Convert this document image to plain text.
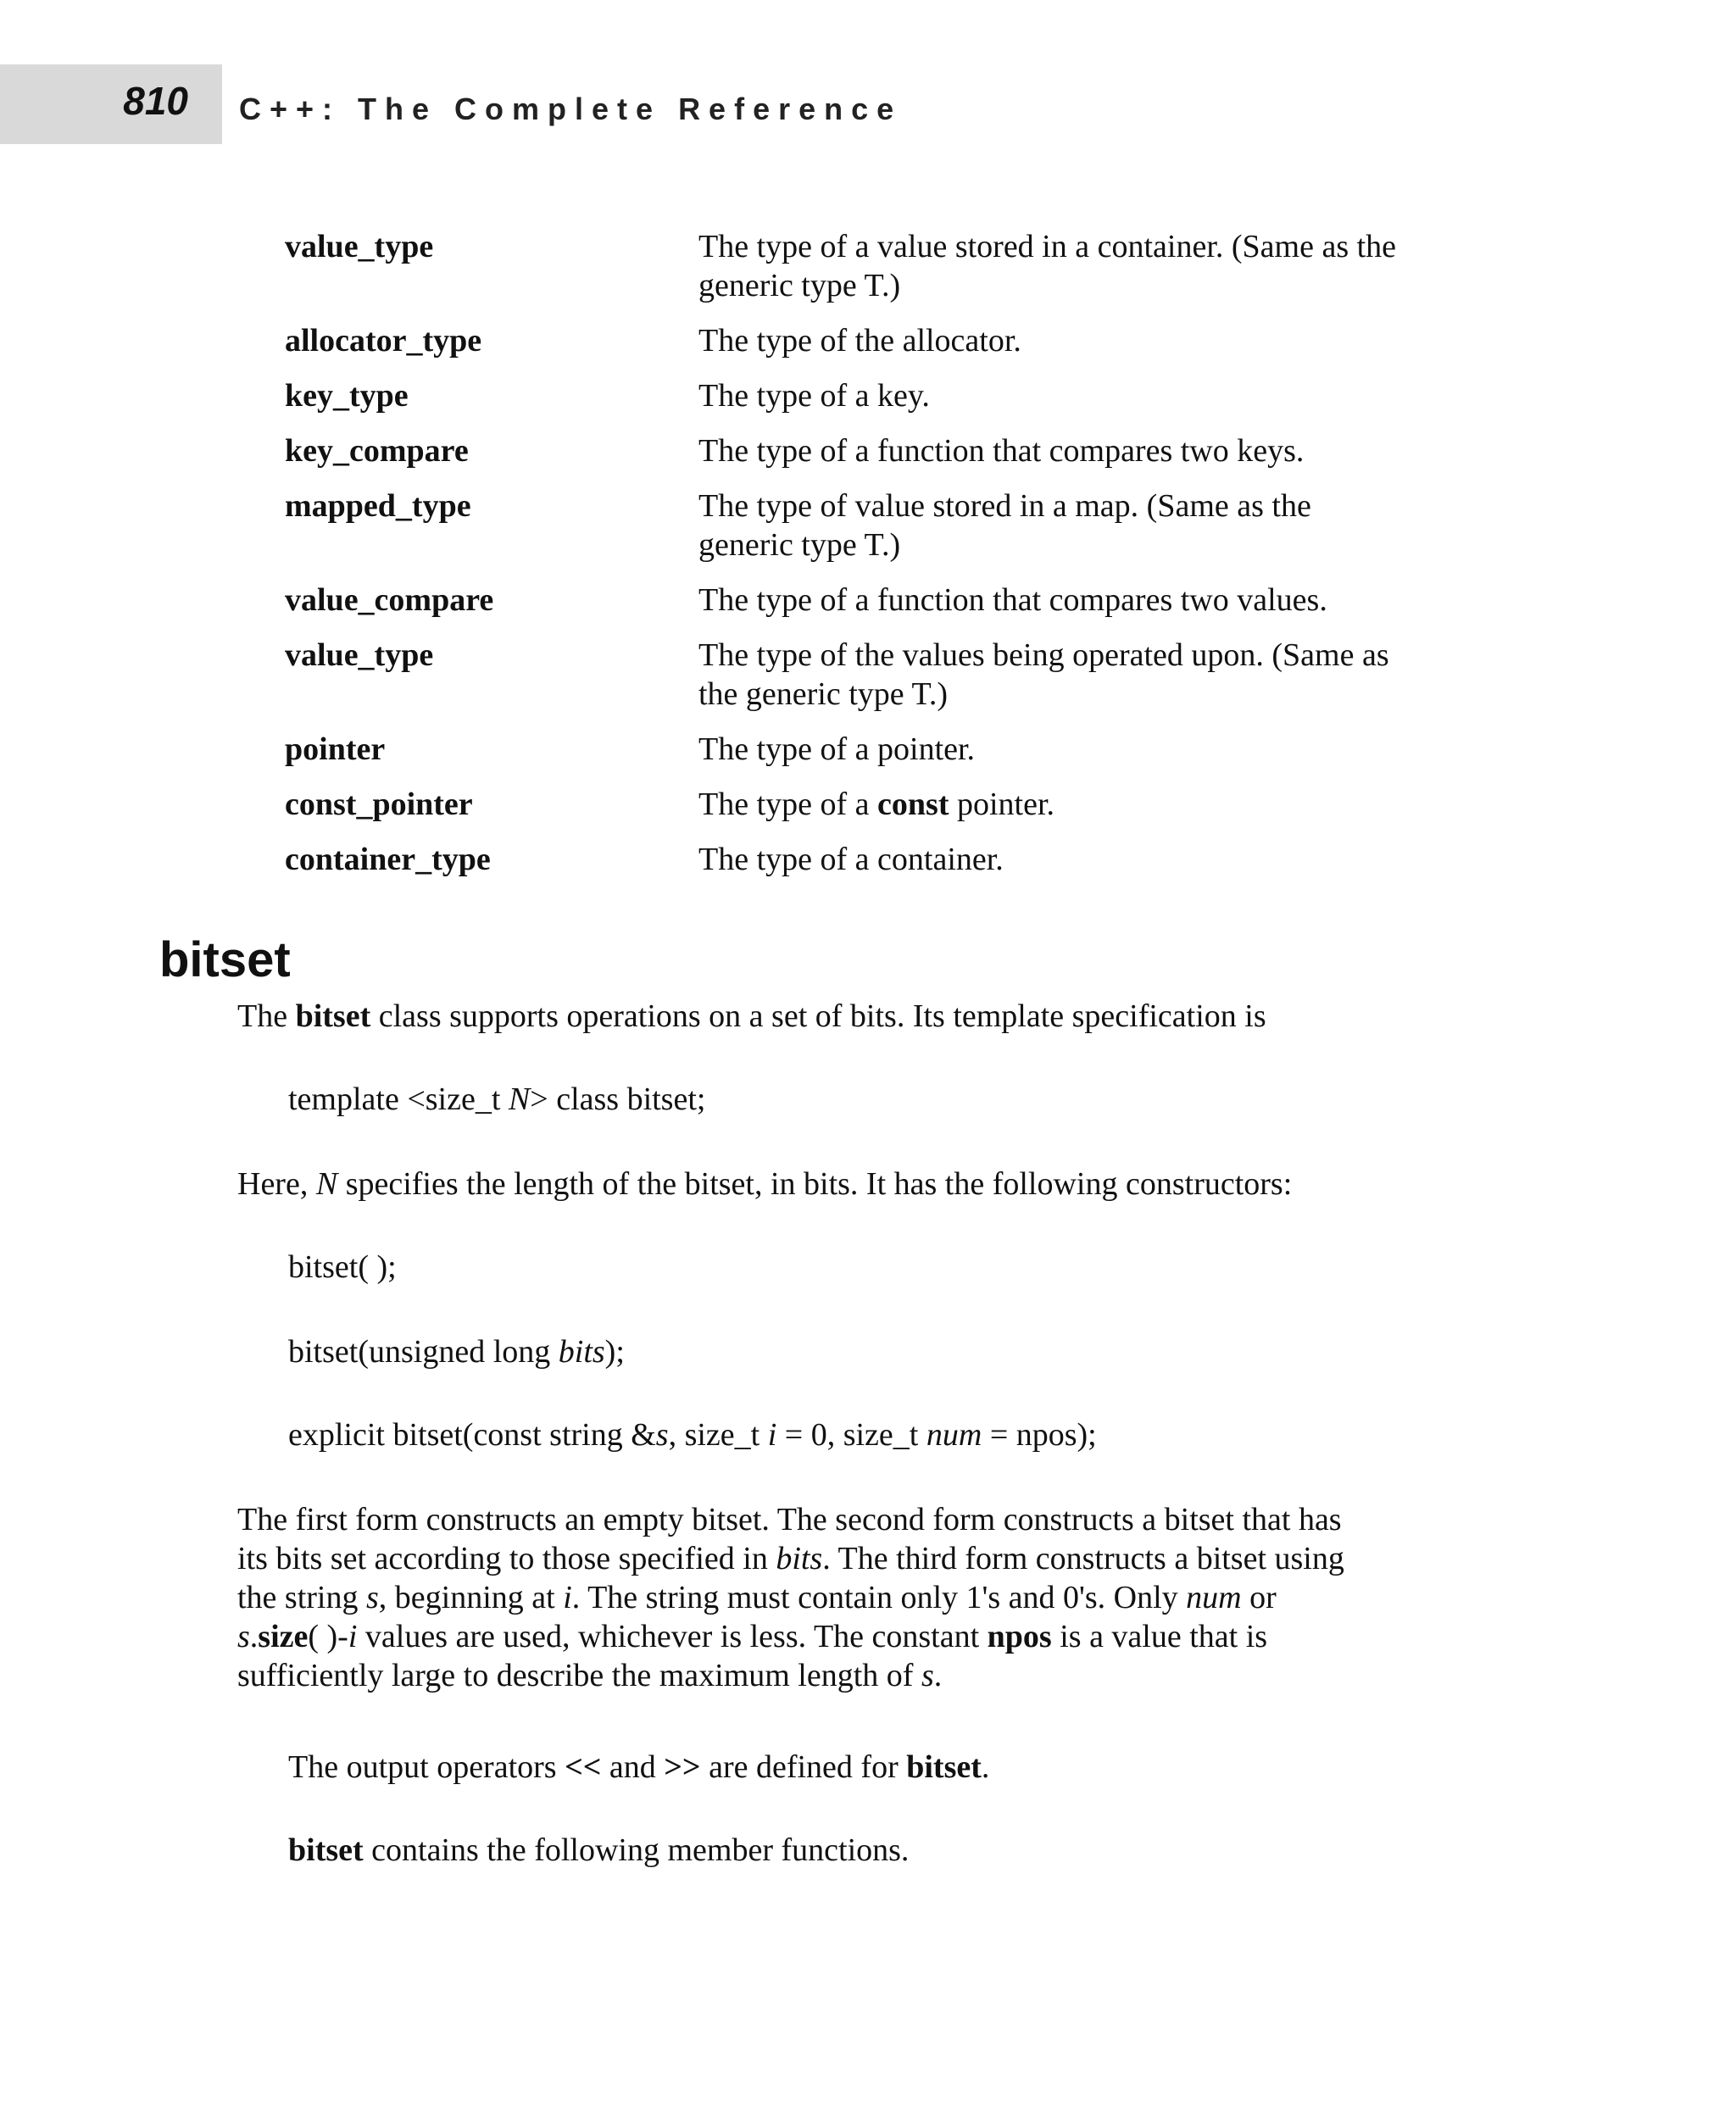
810 C++: The Complete Reference
value_type	The type of a value stored in a container. (Same as the
generic type T.)
allocator_type	The type of the allocator.
key_type	The type of a key.
key_compare	The type of a function that compares two keys.
mapped_type	The type of value stored in a map. (Same as the
generic type T.)
value_compare	The type of a function that compares two values.
value_type	The type of the values being operated upon. (Same as
the generic type T.)
pointer	The type of a pointer.
const_pointer	The type of a const pointer.
container_type	The type of a container.
bitset

The bitset class supports operations on a set of bits. Its template specification is

template <size_t N> class bitset;

Here, N specifies the length of the bitset, in bits. It has the following constructors:

bitset( );

bitset(unsigned long bits);

explicit bitset(const string &s, size_t i = 0, size_t num = npos);

The first form constructs an empty bitset. The second form constructs a bitset that has
its bits set according to those specified in bits. The third form constructs a bitset using
the string s, beginning at i. The string must contain only 1's and 0's. Only num or
s.size( )-i values are used, whichever is less. The constant npos is a value that is
sufficiently large to describe the maximum length of s.

The output operators << and >> are defined for bitset.

bitset contains the following member functions.
